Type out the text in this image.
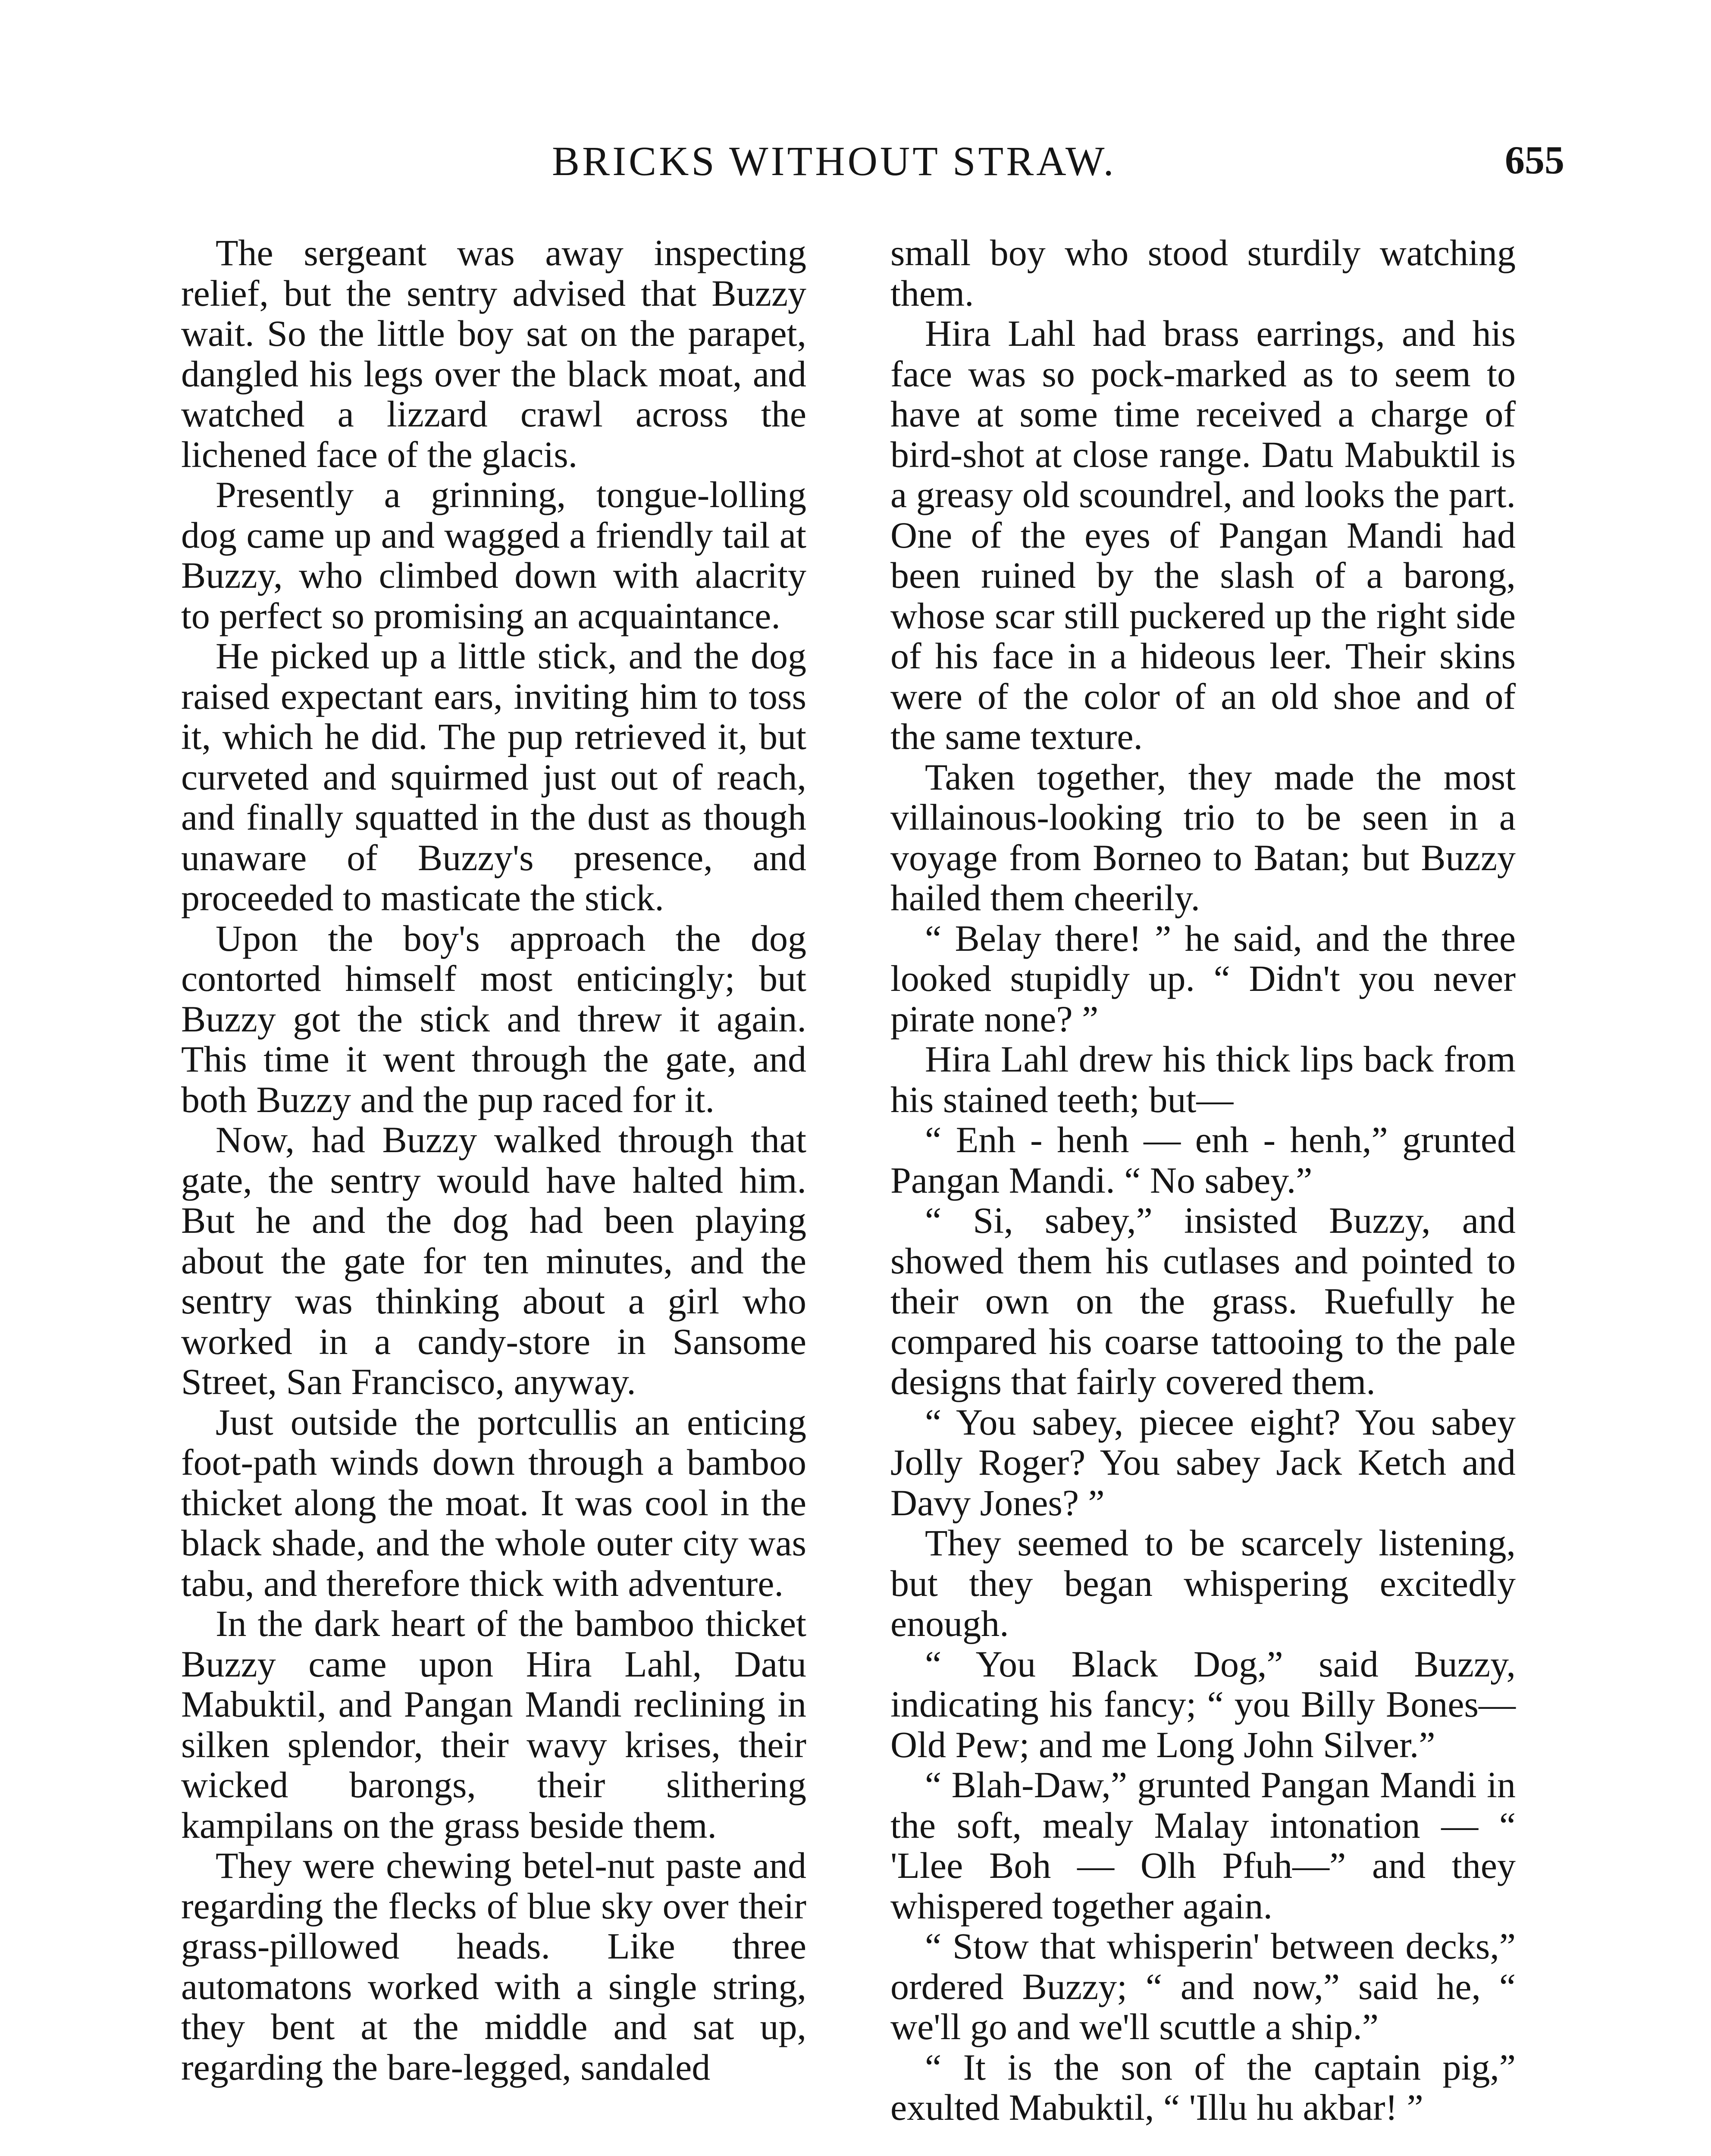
BRICKS WITHOUT STRAW.	655

The sergeant was away inspecting relief, but the sentry advised that Buzzy wait. So the little boy sat on the parapet, dangled his legs over the black moat, and watched a lizzard crawl across the lichened face of the glacis.

Presently a grinning, tongue-lolling dog came up and wagged a friendly tail at Buzzy, who climbed down with alacrity to perfect so promising an acquaintance.

He picked up a little stick, and the dog raised expectant ears, inviting him to toss it, which he did. The pup retrieved it, but curveted and squirmed just out of reach, and finally squatted in the dust as though unaware of Buzzy's presence, and proceeded to masticate the stick.

Upon the boy's approach the dog contorted himself most enticingly; but Buzzy got the stick and threw it again. This time it went through the gate, and both Buzzy and the pup raced for it.

Now, had Buzzy walked through that gate, the sentry would have halted him. But he and the dog had been playing about the gate for ten minutes, and the sentry was thinking about a girl who worked in a candy-store in Sansome Street, San Francisco, anyway.

Just outside the portcullis an enticing foot-path winds down through a bamboo thicket along the moat. It was cool in the black shade, and the whole outer city was tabu, and therefore thick with adventure.

In the dark heart of the bamboo thicket Buzzy came upon Hira Lahl, Datu Mabuktil, and Pangan Mandi reclining in silken splendor, their wavy krises, their wicked barongs, their slithering kampilans on the grass beside them.

They were chewing betel-nut paste and regarding the flecks of blue sky over their grass-pillowed heads. Like three automatons worked with a single string, they bent at the middle and sat up, regarding the bare-legged, sandaled

small boy who stood sturdily watching them.

Hira Lahl had brass earrings, and his face was so pock-marked as to seem to have at some time received a charge of bird-shot at close range. Datu Mabuktil is a greasy old scoundrel, and looks the part. One of the eyes of Pangan Mandi had been ruined by the slash of a barong, whose scar still puckered up the right side of his face in a hideous leer. Their skins were of the color of an old shoe and of the same texture.

Taken together, they made the most villainous-looking trio to be seen in a voyage from Borneo to Batan; but Buzzy hailed them cheerily.

“ Belay there! ” he said, and the three looked stupidly up. “ Didn't you never pirate none? ”

Hira Lahl drew his thick lips back from his stained teeth; but—

“ Enh - henh — enh - henh,” grunted Pangan Mandi. “ No sabey.”

“ Si, sabey,” insisted Buzzy, and showed them his cutlases and pointed to their own on the grass. Ruefully he compared his coarse tattooing to the pale designs that fairly covered them.

“ You sabey, piecee eight? You sabey Jolly Roger? You sabey Jack Ketch and Davy Jones? ”

They seemed to be scarcely listening, but they began whispering excitedly enough.

“ You Black Dog,” said Buzzy, indicating his fancy; “ you Billy Bones— Old Pew; and me Long John Silver.”

“ Blah-Daw,” grunted Pangan Mandi in the soft, mealy Malay intonation — “ 'Llee Boh — Olh Pfuh—” and they whispered together again.

“ Stow that whisperin' between decks,” ordered Buzzy; “ and now,” said he, “ we'll go and we'll scuttle a ship.”

“ It is the son of the captain pig,” exulted Mabuktil, “ 'Illu hu akbar! ”
